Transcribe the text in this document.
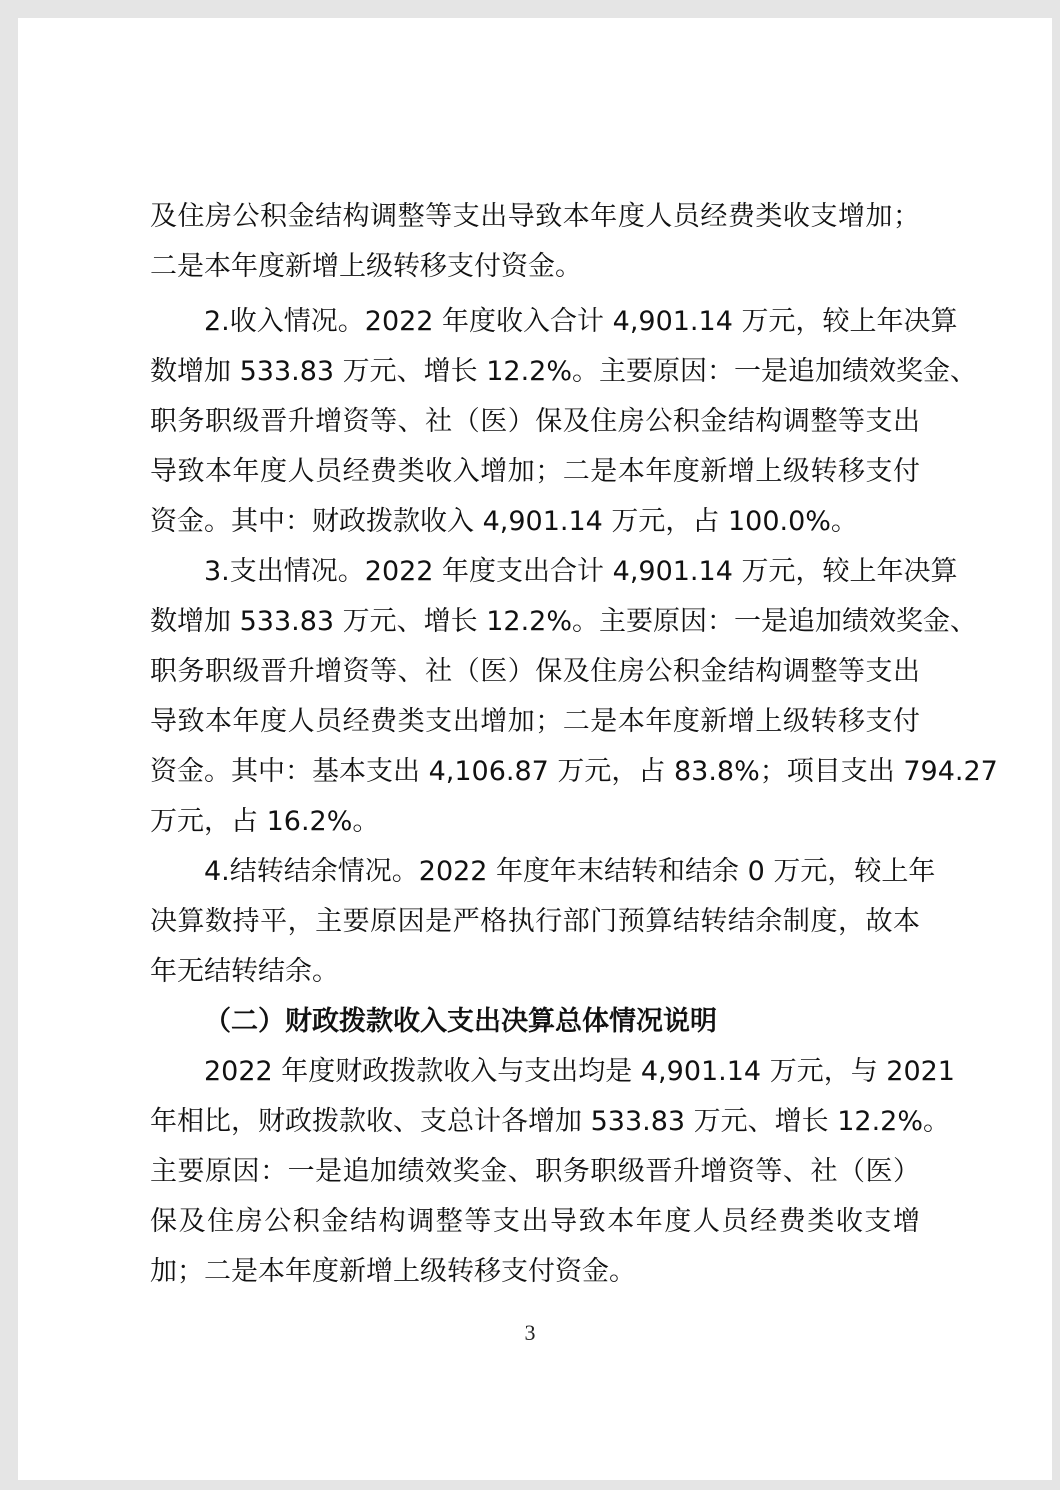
及住房公积金结构调整等支出导致本年度人员经费类收支增加；
二是本年度新增上级转移支付资金。
2.收入情况。2022 年度收入合计 4,901.14 万元，较上年决算
数增加 533.83 万元、增长 12.2%。主要原因：一是追加绩效奖金、
职务职级晋升增资等、社（医）保及住房公积金结构调整等支出
导致本年度人员经费类收入增加；二是本年度新增上级转移支付
资金。其中：财政拨款收入 4,901.14 万元，占 100.0%。
3.支出情况。2022 年度支出合计 4,901.14 万元，较上年决算
数增加 533.83 万元、增长 12.2%。主要原因：一是追加绩效奖金、
职务职级晋升增资等、社（医）保及住房公积金结构调整等支出
导致本年度人员经费类支出增加；二是本年度新增上级转移支付
资金。其中：基本支出 4,106.87 万元，占 83.8%；项目支出 794.27
万元，占 16.2%。
4.结转结余情况。2022 年度年末结转和结余 0 万元，较上年
决算数持平，主要原因是严格执行部门预算结转结余制度，故本
年无结转结余。
（二）财政拨款收入支出决算总体情况说明
2022 年度财政拨款收入与支出均是 4,901.14 万元，与 2021
年相比，财政拨款收、支总计各增加 533.83 万元、增长 12.2%。
主要原因：一是追加绩效奖金、职务职级晋升增资等、社（医）
保及住房公积金结构调整等支出导致本年度人员经费类收支增
加；二是本年度新增上级转移支付资金。
3
